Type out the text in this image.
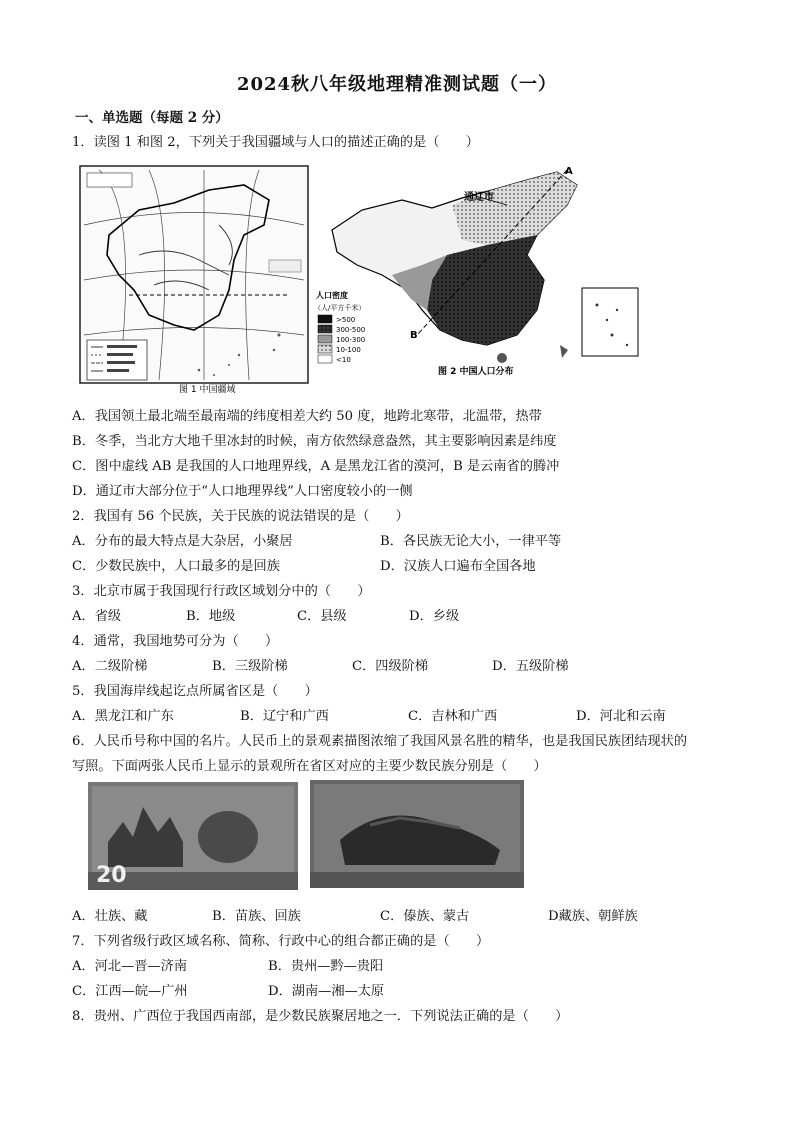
2024秋八年级地理精准测试题（一）
一、单选题（每题 2 分）
1．读图 1 和图 2，下列关于我国疆域与人口的描述正确的是（　　）
图 1 中国疆域
A
B
通辽市
人口密度
（人/平方千米）
>500
300-500
100-300
10-100
<10
图 2 中国人口分布
A．我国领土最北端至最南端的纬度相差大约 50 度，地跨北寒带，北温带，热带
B．冬季，当北方大地千里冰封的时候，南方依然绿意盎然，其主要影响因素是纬度
C．图中虚线 AB 是我国的人口地理界线，A 是黑龙江省的漠河，B 是云南省的腾冲
D．通辽市大部分位于“人口地理界线”人口密度较小的一侧
2．我国有 56 个民族，关于民族的说法错误的是（　　）
A．分布的最大特点是大杂居，小聚居	B．各民族无论大小，一律平等
C．少数民族中，人口最多的是回族	D．汉族人口遍布全国各地
3．北京市属于我国现行行政区域划分中的（　　）
A．省级	B．地级	C．县级	D．乡级
4．通常，我国地势可分为（　　）
A．二级阶梯	B．三级阶梯	C．四级阶梯	D．五级阶梯
5．我国海岸线起讫点所属省区是（　　）
A．黑龙江和广东	B．辽宁和广西	C．吉林和广西	D．河北和云南
6．人民币号称中国的名片。人民币上的景观素描图浓缩了我国风景名胜的精华，也是我国民族团结现状的
写照。下面两张人民币上显示的景观所在省区对应的主要少数民族分别是（　　）
20
A．壮族、藏	B．苗族、回族	C．傣族、蒙古	D藏族、朝鲜族
7．下列省级行政区域名称、简称、行政中心的组合都正确的是（　　）
A．河北—晋—济南	B．贵州—黔—贵阳
C．江西—皖—广州	D．湖南—湘—太原
8．贵州、广西位于我国西南部，是少数民族聚居地之一．下列说法正确的是（　　）
